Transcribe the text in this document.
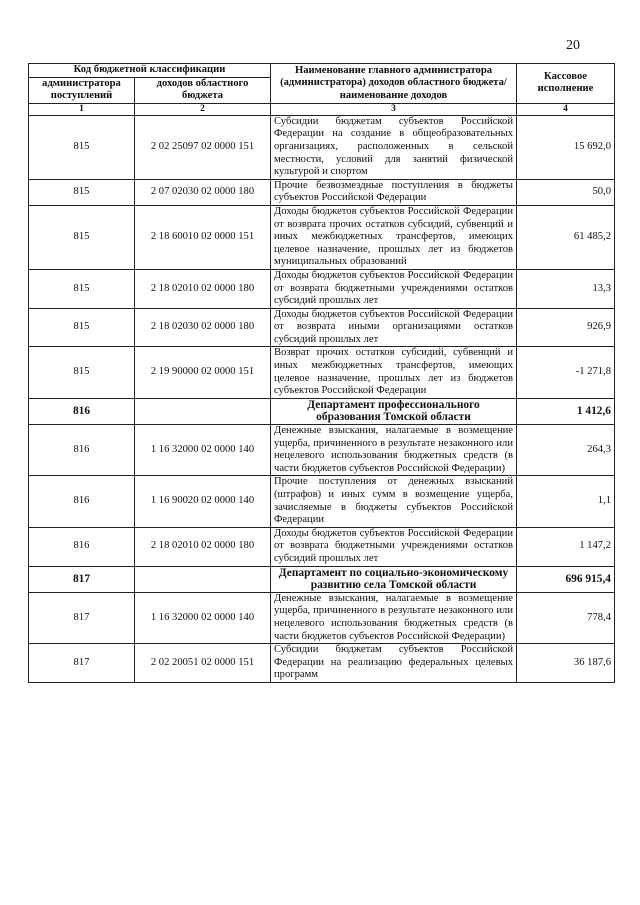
20
Код бюджетной классификации		Наименование главного администратора (администратора) доходов областного бюджета/ наименование доходов	Кассовое исполнение
администратора поступлений	доходов областного бюджета		
1	2	3	4
815	2 02 25097 02 0000 151	Субсидии бюджетам субъектов Российской Федерации на создание в общеобразовательных организациях, расположенных в сельской местности, условий для занятий физической культурой и спортом	15 692,0
815	2 07 02030 02 0000 180	Прочие безвозмездные поступления в бюджеты субъектов Российской Федерации	50,0
815	2 18 60010 02 0000 151	Доходы бюджетов субъектов Российской Федерации от возврата прочих остатков субсидий, субвенций и иных межбюджетных трансфертов, имеющих целевое назначение, прошлых лет из бюджетов муниципальных образований	61 485,2
815	2 18 02010 02 0000 180	Доходы бюджетов субъектов Российской Федерации от возврата бюджетными учреждениями остатков субсидий прошлых лет	13,3
815	2 18 02030 02 0000 180	Доходы бюджетов субъектов Российской Федерации от возврата иными организациями остатков субсидий прошлых лет	926,9
815	2 19 90000 02 0000 151	Возврат прочих остатков субсидий, субвенций и иных межбюджетных трансфертов, имеющих целевое назначение, прошлых лет из бюджетов субъектов Российской Федерации	-1 271,8
816		Департамент профессионального образования Томской области	1 412,6
816	1 16 32000 02 0000 140	Денежные взыскания, налагаемые в возмещение ущерба, причиненного в результате незаконного или нецелевого использования бюджетных средств (в части бюджетов субъектов Российской Федерации)	264,3
816	1 16 90020 02 0000 140	Прочие поступления от денежных взысканий (штрафов) и иных сумм в возмещение ущерба, зачисляемые в бюджеты субъектов Российской Федерации	1,1
816	2 18 02010 02 0000 180	Доходы бюджетов субъектов Российской Федерации от возврата бюджетными учреждениями остатков субсидий прошлых лет	1 147,2
817		Департамент по социально-экономическому развитию села Томской области	696 915,4
817	1 16 32000 02 0000 140	Денежные взыскания, налагаемые в возмещение ущерба, причиненного в результате незаконного или нецелевого использования бюджетных средств (в части бюджетов субъектов Российской Федерации)	778,4
817	2 02 20051 02 0000 151	Субсидии бюджетам субъектов Российской Федерации на реализацию федеральных целевых программ	36 187,6
